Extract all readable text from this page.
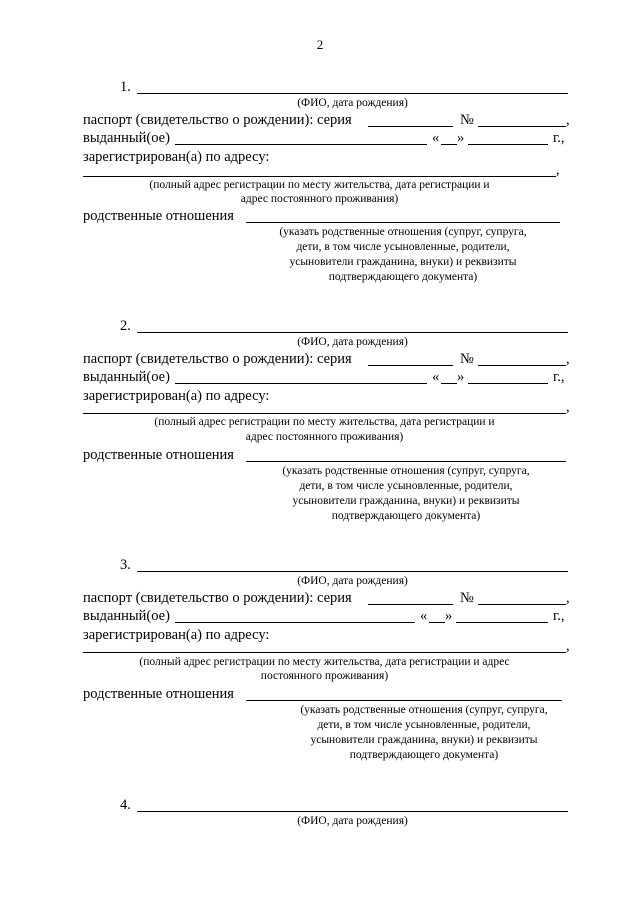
2
1.
(ФИО, дата рождения)
паспорт (свидетельство о рождении): серия	№	,
выданный(ое)	« »	г.,
зарегистрирован(а) по адресу:
,
(полный адрес регистрации по месту жительства, дата регистрации и
адрес постоянного проживания)
родственные отношения
(указать родственные отношения (супруг, супруга,
дети, в том числе усыновленные, родители,
усыновители гражданина, внуки) и реквизиты
подтверждающего документа)
2.
(ФИО, дата рождения)
паспорт (свидетельство о рождении): серия	№	,
выданный(ое)	« »	г.,
зарегистрирован(а) по адресу:
,
(полный адрес регистрации по месту жительства, дата регистрации и
адрес постоянного проживания)
родственные отношения
(указать родственные отношения (супруг, супруга,
дети, в том числе усыновленные, родители,
усыновители гражданина, внуки) и реквизиты
подтверждающего документа)
3.
(ФИО, дата рождения)
паспорт (свидетельство о рождении): серия	№	,
выданный(ое)	« »	г.,
зарегистрирован(а) по адресу:
,
(полный адрес регистрации по месту жительства, дата регистрации и адрес
постоянного проживания)
родственные отношения
(указать родственные отношения (супруг, супруга,
дети, в том числе усыновленные, родители,
усыновители гражданина, внуки) и реквизиты
подтверждающего документа)
4.
(ФИО, дата рождения)
